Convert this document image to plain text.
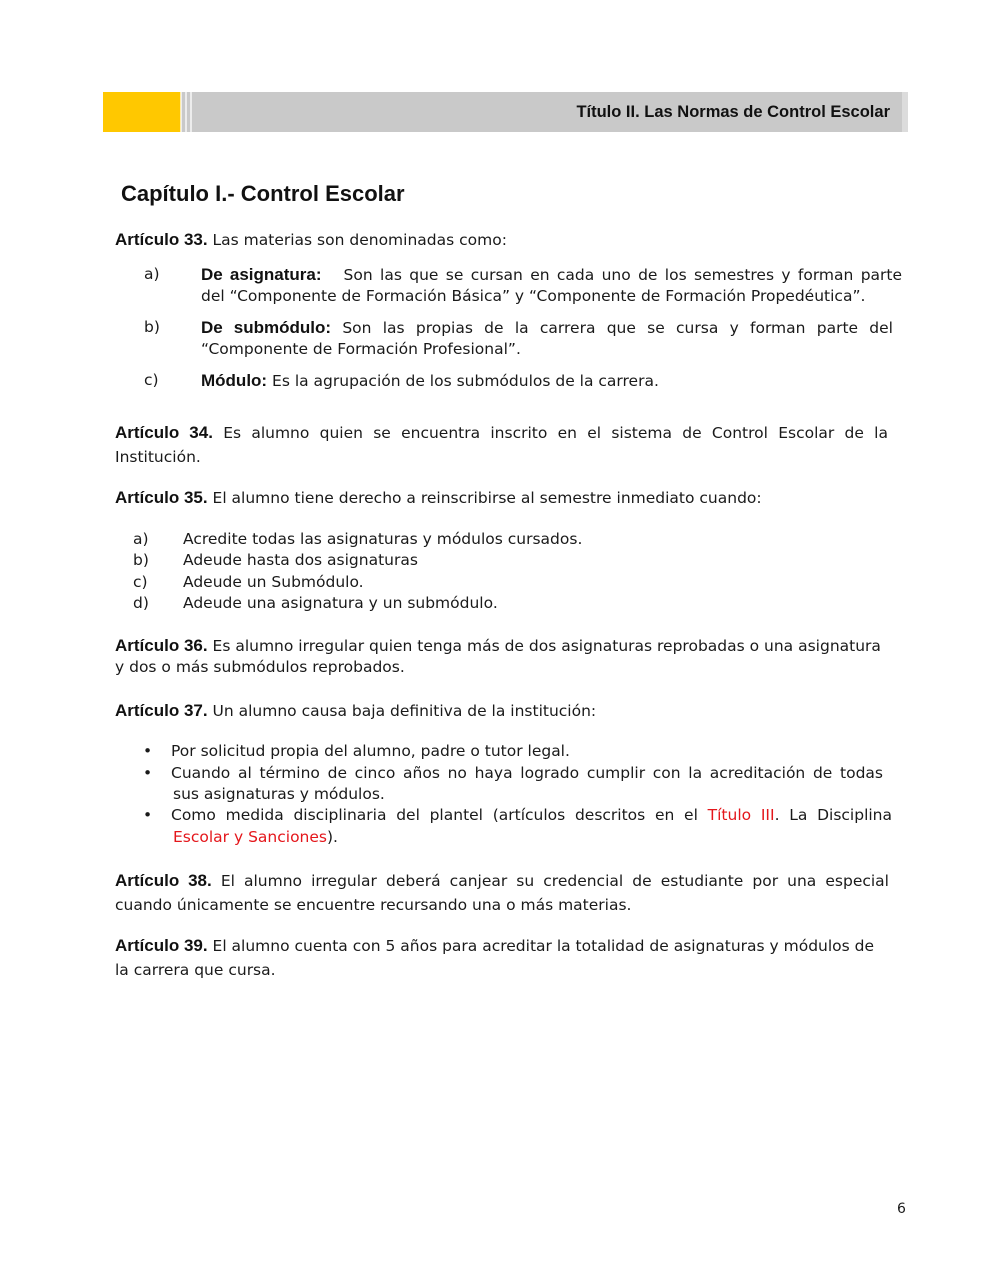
Título II. Las Normas de Control Escolar
Capítulo I.- Control Escolar
Artículo 33. Las materias son denominadas como:
a) De asignatura: Son las que se cursan en cada uno de los semestres y forman parte
del “Componente de Formación Básica” y “Componente de Formación Propedéutica”.
b) De submódulo: Son las propias de la carrera que se cursa y forman parte del
“Componente de Formación Profesional”.
c) Módulo: Es la agrupación de los submódulos de la carrera.
Artículo 34. Es alumno quien se encuentra inscrito en el sistema de Control Escolar de la
Institución.
Artículo 35. El alumno tiene derecho a reinscribirse al semestre inmediato cuando:
a) Acredite todas las asignaturas y módulos cursados.
b) Adeude hasta dos asignaturas
c) Adeude un Submódulo.
d) Adeude una asignatura y un submódulo.
Artículo 36. Es alumno irregular quien tenga más de dos asignaturas reprobadas o una asignatura
y dos o más submódulos reprobados.
Artículo 37. Un alumno causa baja definitiva de la institución:
• Por solicitud propia del alumno, padre o tutor legal.
• Cuando al término de cinco años no haya logrado cumplir con la acreditación de todas
sus asignaturas y módulos.
• Como medida disciplinaria del plantel (artículos descritos en el Título III. La Disciplina
Escolar y Sanciones).
Artículo 38. El alumno irregular deberá canjear su credencial de estudiante por una especial
cuando únicamente se encuentre recursando una o más materias.
Artículo 39. El alumno cuenta con 5 años para acreditar la totalidad de asignaturas y módulos de
la carrera que cursa.
6
